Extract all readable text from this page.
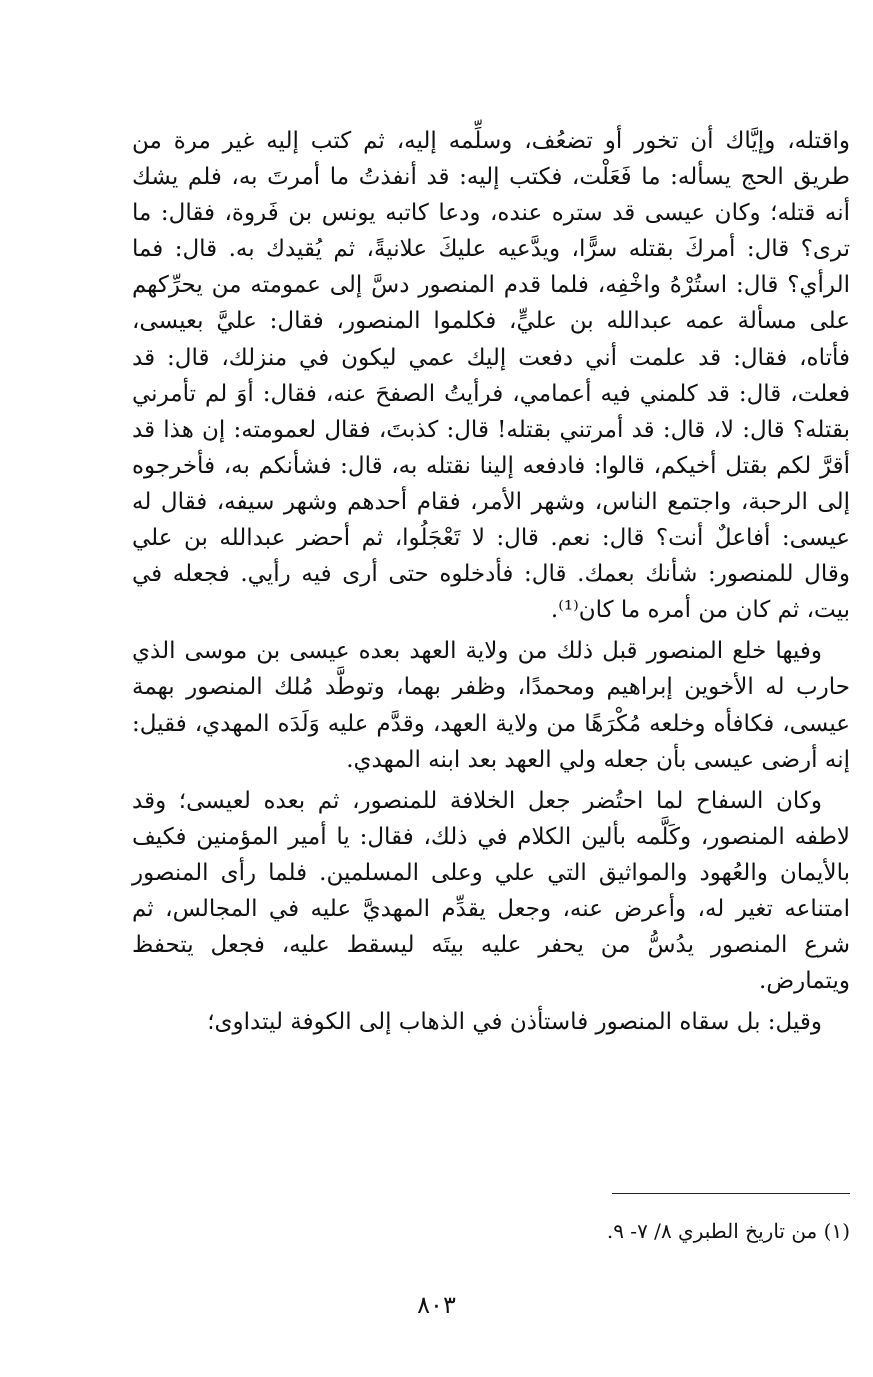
واقتله، وإيَّاك أن تخور أو تضعُف، وسلِّمه إليه، ثم كتب إليه غير مرة من طريق الحج يسأله: ما فَعَلْت، فكتب إليه: قد أنفذتُ ما أمرتَ به، فلم يشك أنه قتله؛ وكان عيسى قد ستره عنده، ودعا كاتبه يونس بن فَروة، فقال: ما ترى؟ قال: أمركَ بقتله سرًّا، ويدَّعيه عليكَ علانيةً، ثم يُقيدك به. قال: فما الرأي؟ قال: استُرْهُ واخْفِه، فلما قدم المنصور دسَّ إلى عمومته من يحرِّكهم على مسألة عمه عبدالله بن عليٍّ، فكلموا المنصور، فقال: عليَّ بعيسى، فأتاه، فقال: قد علمت أني دفعت إليك عمي ليكون في منزلك، قال: قد فعلت، قال: قد كلمني فيه أعمامي، فرأيتُ الصفحَ عنه، فقال: أوَ لم تأمرني بقتله؟ قال: لا، قال: قد أمرتني بقتله! قال: كذبتَ، فقال لعمومته: إن هذا قد أقرَّ لكم بقتل أخيكم، قالوا: فادفعه إلينا نقتله به، قال: فشأنكم به، فأخرجوه إلى الرحبة، واجتمع الناس، وشهر الأمر، فقام أحدهم وشهر سيفه، فقال له عيسى: أفاعلٌ أنت؟ قال: نعم. قال: لا تَعْجَلُوا، ثم أحضر عبدالله بن علي وقال للمنصور: شأنك بعمك. قال: فأدخلوه حتى أرى فيه رأيي. فجعله في بيت، ثم كان من أمره ما كان⁽¹⁾.

وفيها خلع المنصور قبل ذلك من ولاية العهد بعده عيسى بن موسى الذي حارب له الأخوين إبراهيم ومحمدًا، وظفر بهما، وتوطَّد مُلك المنصور بهمة عيسى، فكافأه وخلعه مُكْرَهًا من ولاية العهد، وقدَّم عليه وَلَدَه المهدي، فقيل: إنه أرضى عيسى بأن جعله ولي العهد بعد ابنه المهدي.

وكان السفاح لما احتُضر جعل الخلافة للمنصور، ثم بعده لعيسى؛ وقد لاطفه المنصور، وكَلَّمه بألين الكلام في ذلك، فقال: يا أمير المؤمنين فكيف بالأيمان والعُهود والمواثيق التي علي وعلى المسلمين. فلما رأى المنصور امتناعه تغير له، وأعرض عنه، وجعل يقدِّم المهديَّ عليه في المجالس، ثم شرع المنصور يدُسُّ من يحفر عليه بيتَه ليسقط عليه، فجعل يتحفظ ويتمارض.

وقيل: بل سقاه المنصور فاستأذن في الذهاب إلى الكوفة ليتداوى؛

(١) من تاريخ الطبري ٨/ ٧- ٩.
٨٠٣
